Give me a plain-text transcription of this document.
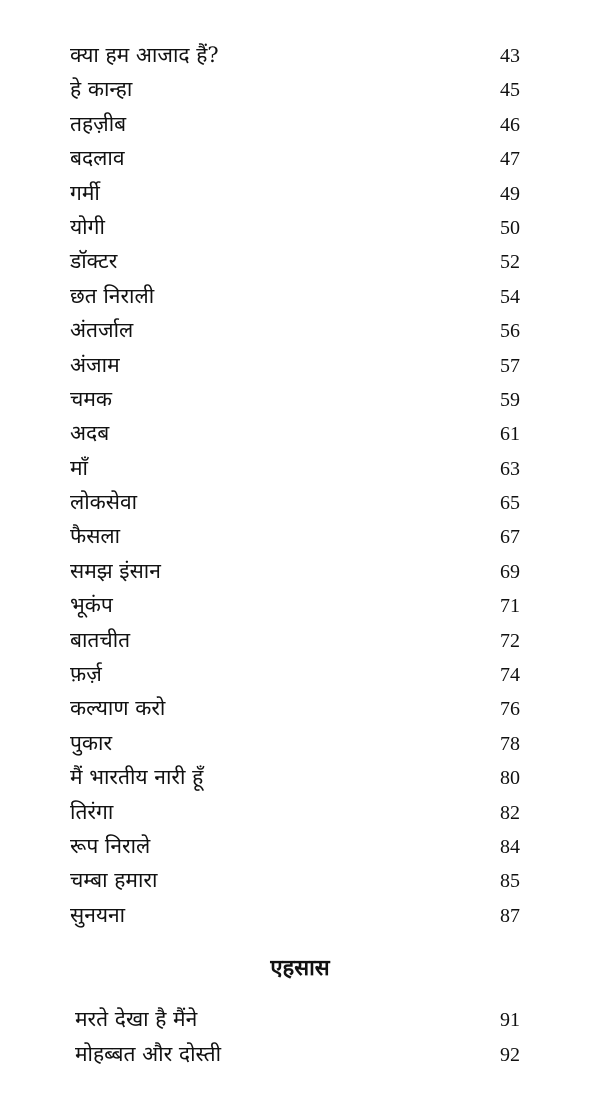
क्या हम आजाद हैं?	43
हे कान्हा	45
तहज़ीब	46
बदलाव	47
गर्मी	49
योगी	50
डॉक्टर	52
छत निराली	54
अंतर्जाल	56
अंजाम	57
चमक	59
अदब	61
माँ	63
लोकसेवा	65
फैसला	67
समझ इंसान	69
भूकंप	71
बातचीत	72
फ़र्ज़	74
कल्याण करो	76
पुकार	78
मैं भारतीय नारी हूँ	80
तिरंगा	82
रूप निराले	84
चम्बा हमारा	85
सुनयना	87
एहसास
मरते देखा है मैंने	91
मोहब्बत और दोस्ती	92
